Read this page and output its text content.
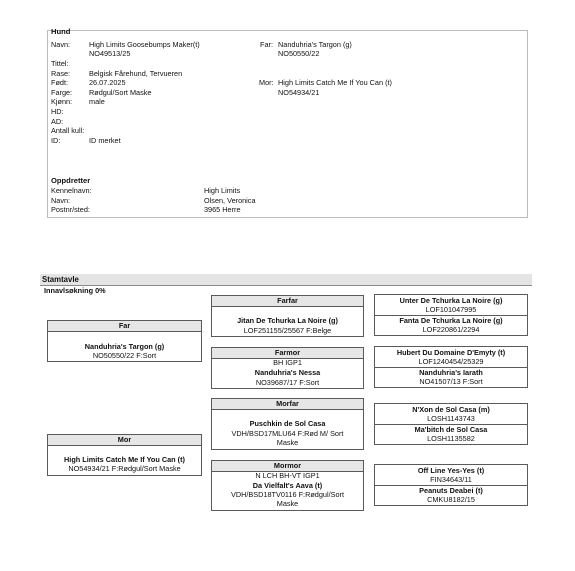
Hund
Navn:	High Limits Goosebumps Maker(t)
NO49513/25
Tittel:
Rase:	Belgisk Fårehund, Tervueren
Født:	26.07.2025
Farge: Rødgul/Sort Maske
Kjønn: male
HD:
AD:
Antall kull:
ID:	ID merket
Far: Nanduhria's Targon (g)
NO50550/22
Mor: High Limits Catch Me If You Can (t)
NO54934/21
Oppdretter
Kennelnavn:	High Limits
Navn:	Olsen, Veronica
Postnr/sted:	3965 Herre
Stamtavle
Innavlsøkning 0%
Far
Nanduhria's Targon (g)
NO50550/22 F:Sort
Mor
High Limits Catch Me If You Can (t)
NO54934/21 F:Rødgul/Sort Maske
Farfar
Jitan De Tchurka La Noire (g)
LOF251155/25567 F:Belge
Farmor
BH IGP1
Nanduhria's Nessa
NO39687/17 F:Sort
Morfar
Puschkin de Sol Casa
VDH/BSD17MLU64 F:Rød M/ Sort
Maske
Mormor
N LCH BH-VT IGP1
Da Vielfalt's Aava (t)
VDH/BSD18TV0116 F:Rødgul/Sort
Maske
Unter De Tchurka La Noire (g)
LOF101047995
Fanta De Tchurka La Noire (g)
LOF220861/2294
Hubert Du Domaine D'Emyty (t)
LOF1240454/25329
Nanduhria's Iarath
NO41507/13 F:Sort
N'Xon de Sol Casa (m)
LOSH1143743
Ma'bitch de Sol Casa
LOSH1135582
Off Line Yes-Yes (t)
FIN34643/11
Peanuts Deabei (t)
CMKU8182/15
